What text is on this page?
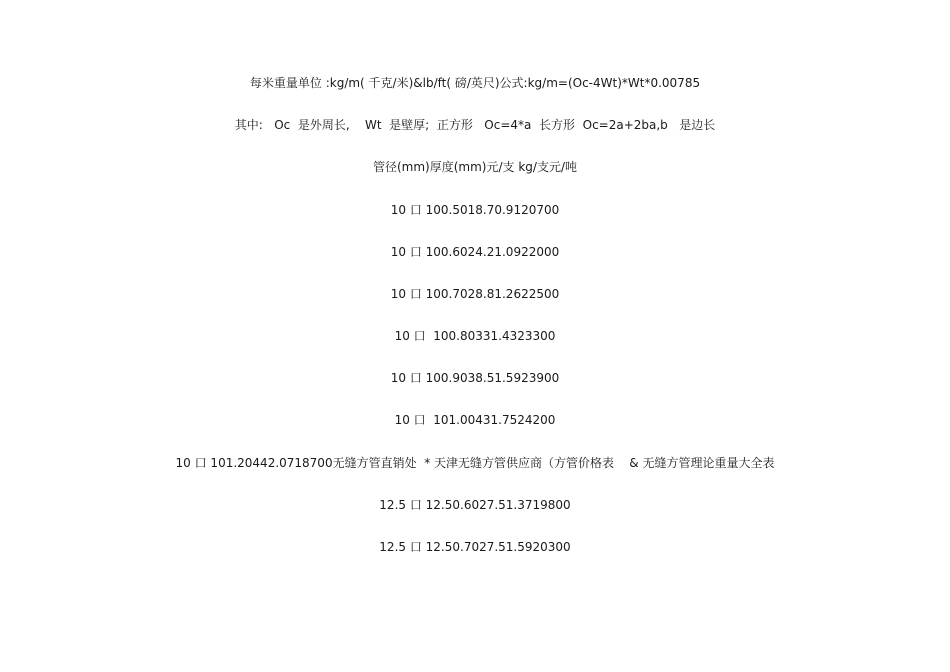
每米重量单位 :kg/m( 千克/米)&lb/ft( 磅/英尺)公式:kg/m=(Oc-4Wt)*Wt*0.00785
其中:   Oc  是外周长,    Wt  是壁厚;  正方形   Oc=4*a  长方形  Oc=2a+2ba,b   是边长
管径(mm)厚度(mm)元/支 kg/支元/吨
10 口 100.5018.70.9120700
10 口 100.6024.21.0922000
10 口 100.7028.81.2622500
10 口  100.80331.4323300
10 口 100.9038.51.5923900
10 口  101.00431.7524200
10 口 101.20442.0718700无缝方管直销处  * 天津无缝方管供应商（方管价格表    & 无缝方管理论重量大全表
12.5 口 12.50.6027.51.3719800
12.5 口 12.50.7027.51.5920300
